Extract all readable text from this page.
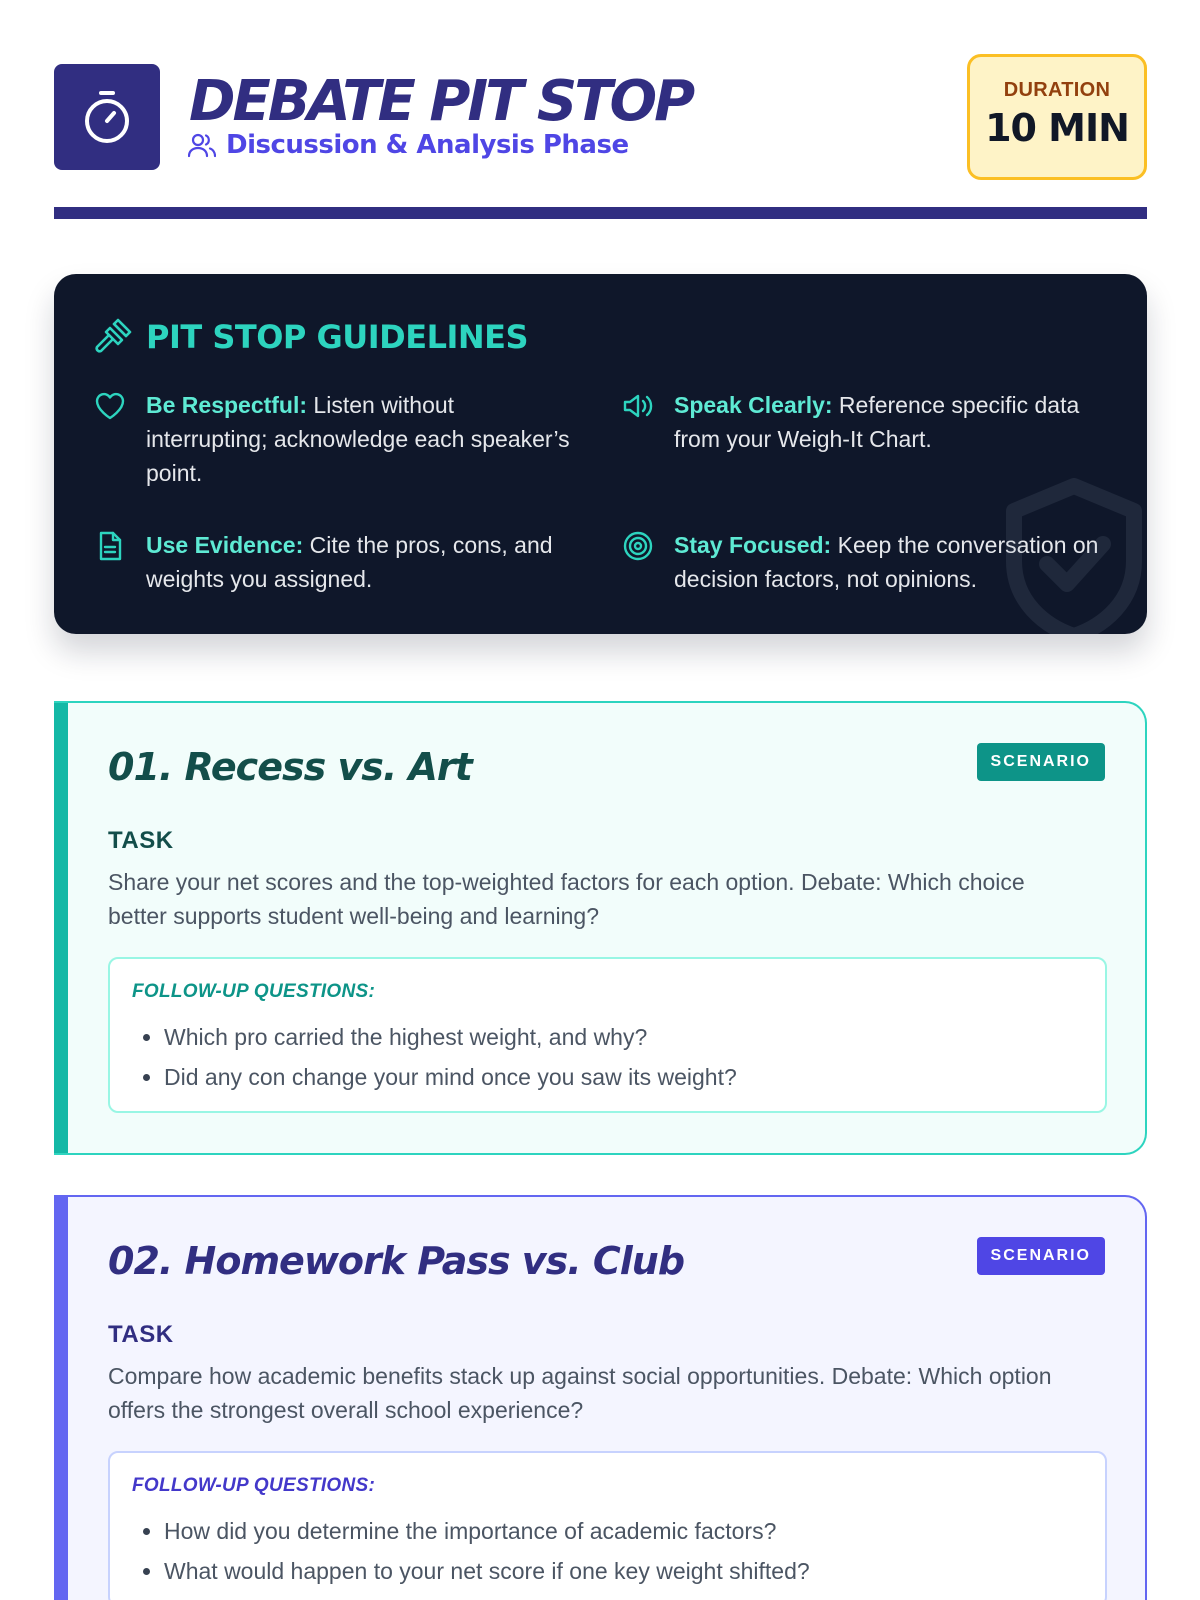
DEBATE PIT STOP
Discussion & Analysis Phase
DURATION
10 MIN
PIT STOP GUIDELINES
Be Respectful: Listen without interrupting; acknowledge each speaker’s point.
Speak Clearly: Reference specific data from your Weigh-It Chart.
Use Evidence: Cite the pros, cons, and weights you assigned.
Stay Focused: Keep the conversation on decision factors, not opinions.
01. Recess vs. Art	SCENARIO
TASK
Share your net scores and the top-weighted factors for each option. Debate: Which choice better supports student well-being and learning?
FOLLOW-UP QUESTIONS:
• Which pro carried the highest weight, and why?
• Did any con change your mind once you saw its weight?
02. Homework Pass vs. Club	SCENARIO
TASK
Compare how academic benefits stack up against social opportunities. Debate: Which option offers the strongest overall school experience?
FOLLOW-UP QUESTIONS:
• How did you determine the importance of academic factors?
• What would happen to your net score if one key weight shifted?
